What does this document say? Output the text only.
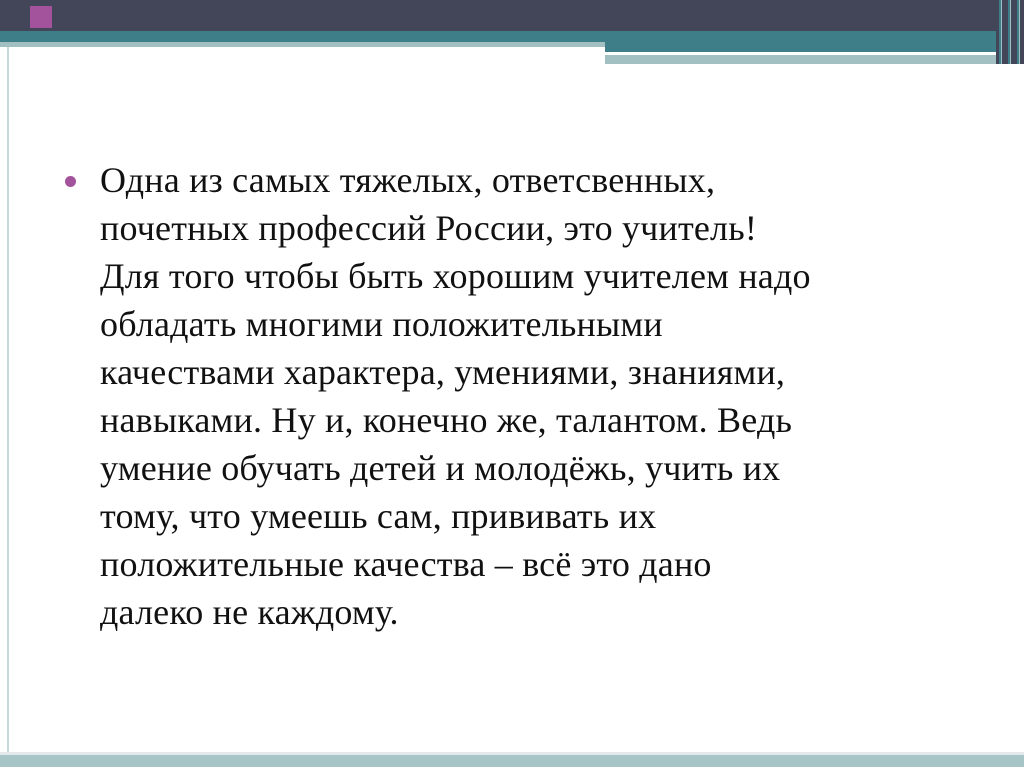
Одна из самых тяжелых, ответсвенных,
почетных профессий России, это учитель!
Для того чтобы быть хорошим учителем надо
обладать многими положительными
качествами характера, умениями, знаниями,
навыками. Ну и, конечно же, талантом. Ведь
умение обучать детей и молодёжь, учить их
тому, что умеешь сам, прививать их
положительные качества – всё это дано
далеко не каждому.
